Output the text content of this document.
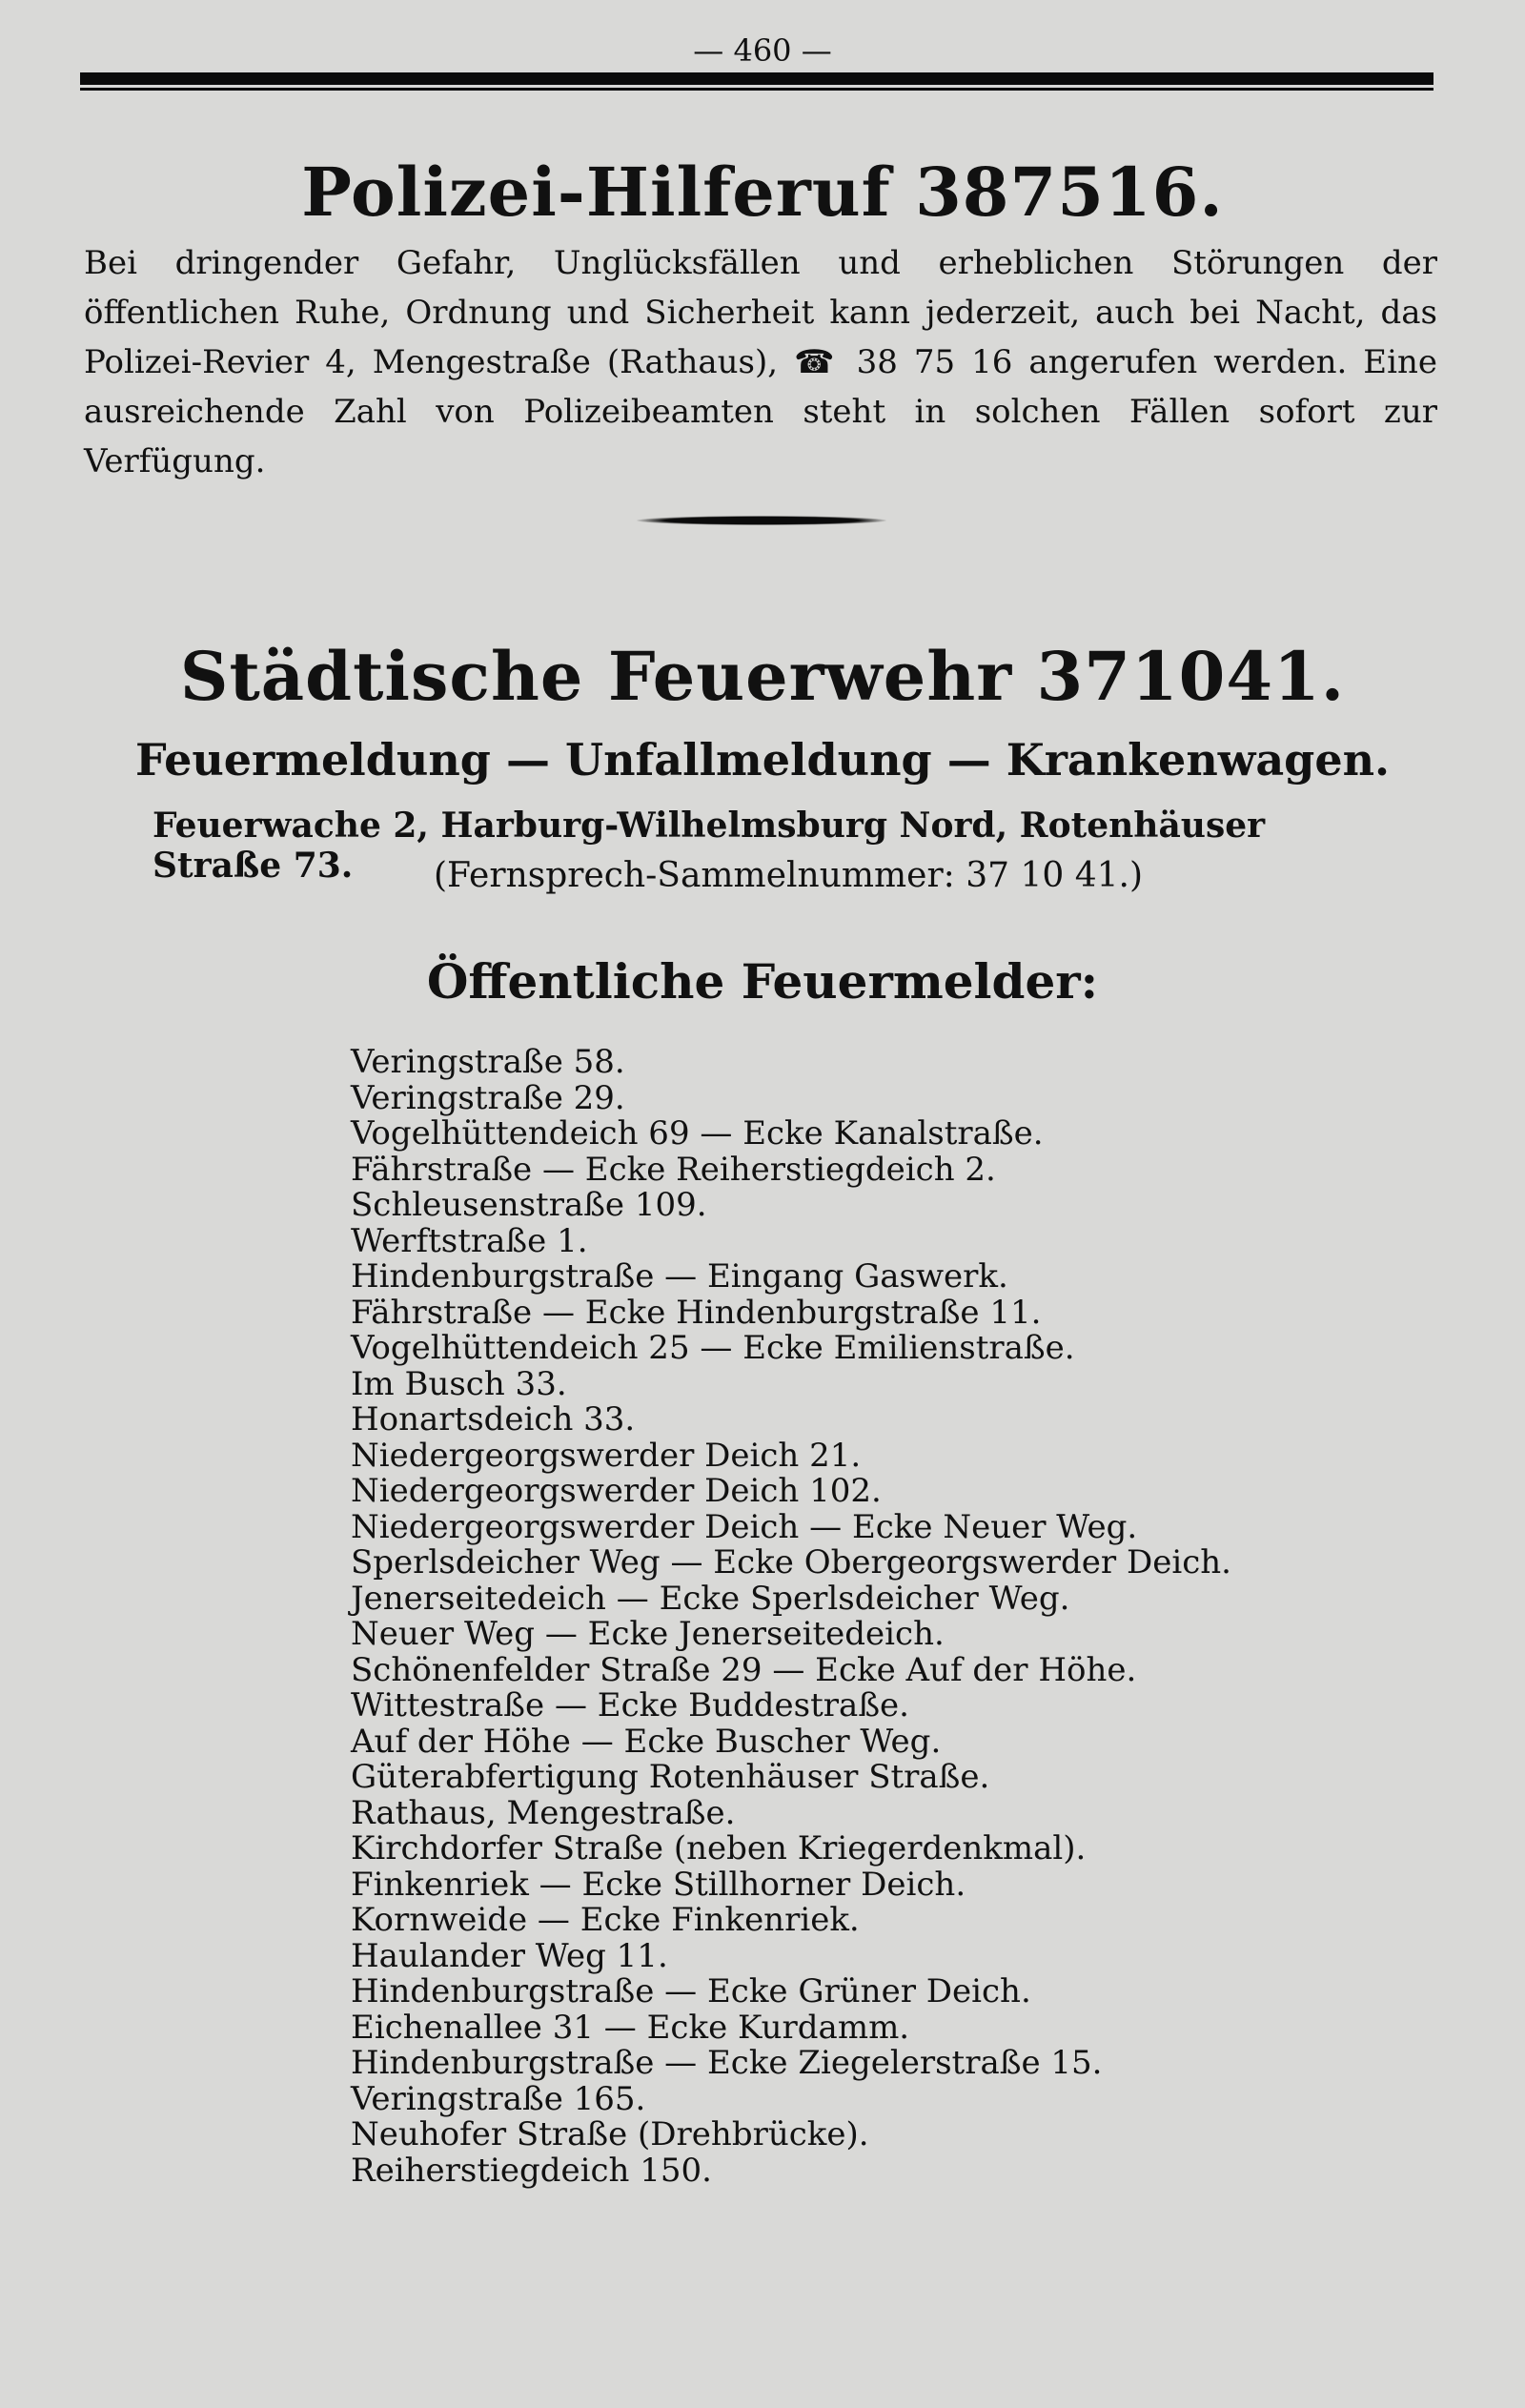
— 460 —
Polizei-Hilferuf 387516.
Bei dringender Gefahr, Unglücksfällen und erheblichen Störungen der öffentlichen Ruhe, Ordnung und Sicherheit kann jederzeit, auch bei Nacht, das Polizei-Revier 4, Mengestraße (Rathaus), ☎ 38 75 16 angerufen werden. Eine ausreichende Zahl von Polizeibeamten steht in solchen Fällen sofort zur Verfügung.
Städtische Feuerwehr 371041.
Feuermeldung — Unfallmeldung — Krankenwagen.
Feuerwache 2, Harburg-Wilhelmsburg Nord, Rotenhäuser Straße 73.	(Fernsprech-Sammelnummer: 37 10 41.)
Öffentliche Feuermelder:
Veringstraße 58.
Veringstraße 29.
Vogelhüttendeich 69 — Ecke Kanalstraße.
Fährstraße — Ecke Reiherstiegdeich 2.
Schleusenstraße 109.
Werftstraße 1.
Hindenburgstraße — Eingang Gaswerk.
Fährstraße — Ecke Hindenburgstraße 11.
Vogelhüttendeich 25 — Ecke Emilienstraße.
Im Busch 33.
Honartsdeich 33.
Niedergeorgswerder Deich 21.
Niedergeorgswerder Deich 102.
Niedergeorgswerder Deich — Ecke Neuer Weg.
Sperlsdeicher Weg — Ecke Obergeorgswerder Deich.
Jenerseitedeich — Ecke Sperlsdeicher Weg.
Neuer Weg — Ecke Jenerseitedeich.
Schönenfelder Straße 29 — Ecke Auf der Höhe.
Wittestraße — Ecke Buddestraße.
Auf der Höhe — Ecke Buscher Weg.
Güterabfertigung Rotenhäuser Straße.
Rathaus, Mengestraße.
Kirchdorfer Straße (neben Kriegerdenkmal).
Finkenriek — Ecke Stillhorner Deich.
Kornweide — Ecke Finkenriek.
Haulander Weg 11.
Hindenburgstraße — Ecke Grüner Deich.
Eichenallee 31 — Ecke Kurdamm.
Hindenburgstraße — Ecke Ziegelerstraße 15.
Veringstraße 165.
Neuhofer Straße (Drehbrücke).
Reiherstiegdeich 150.
